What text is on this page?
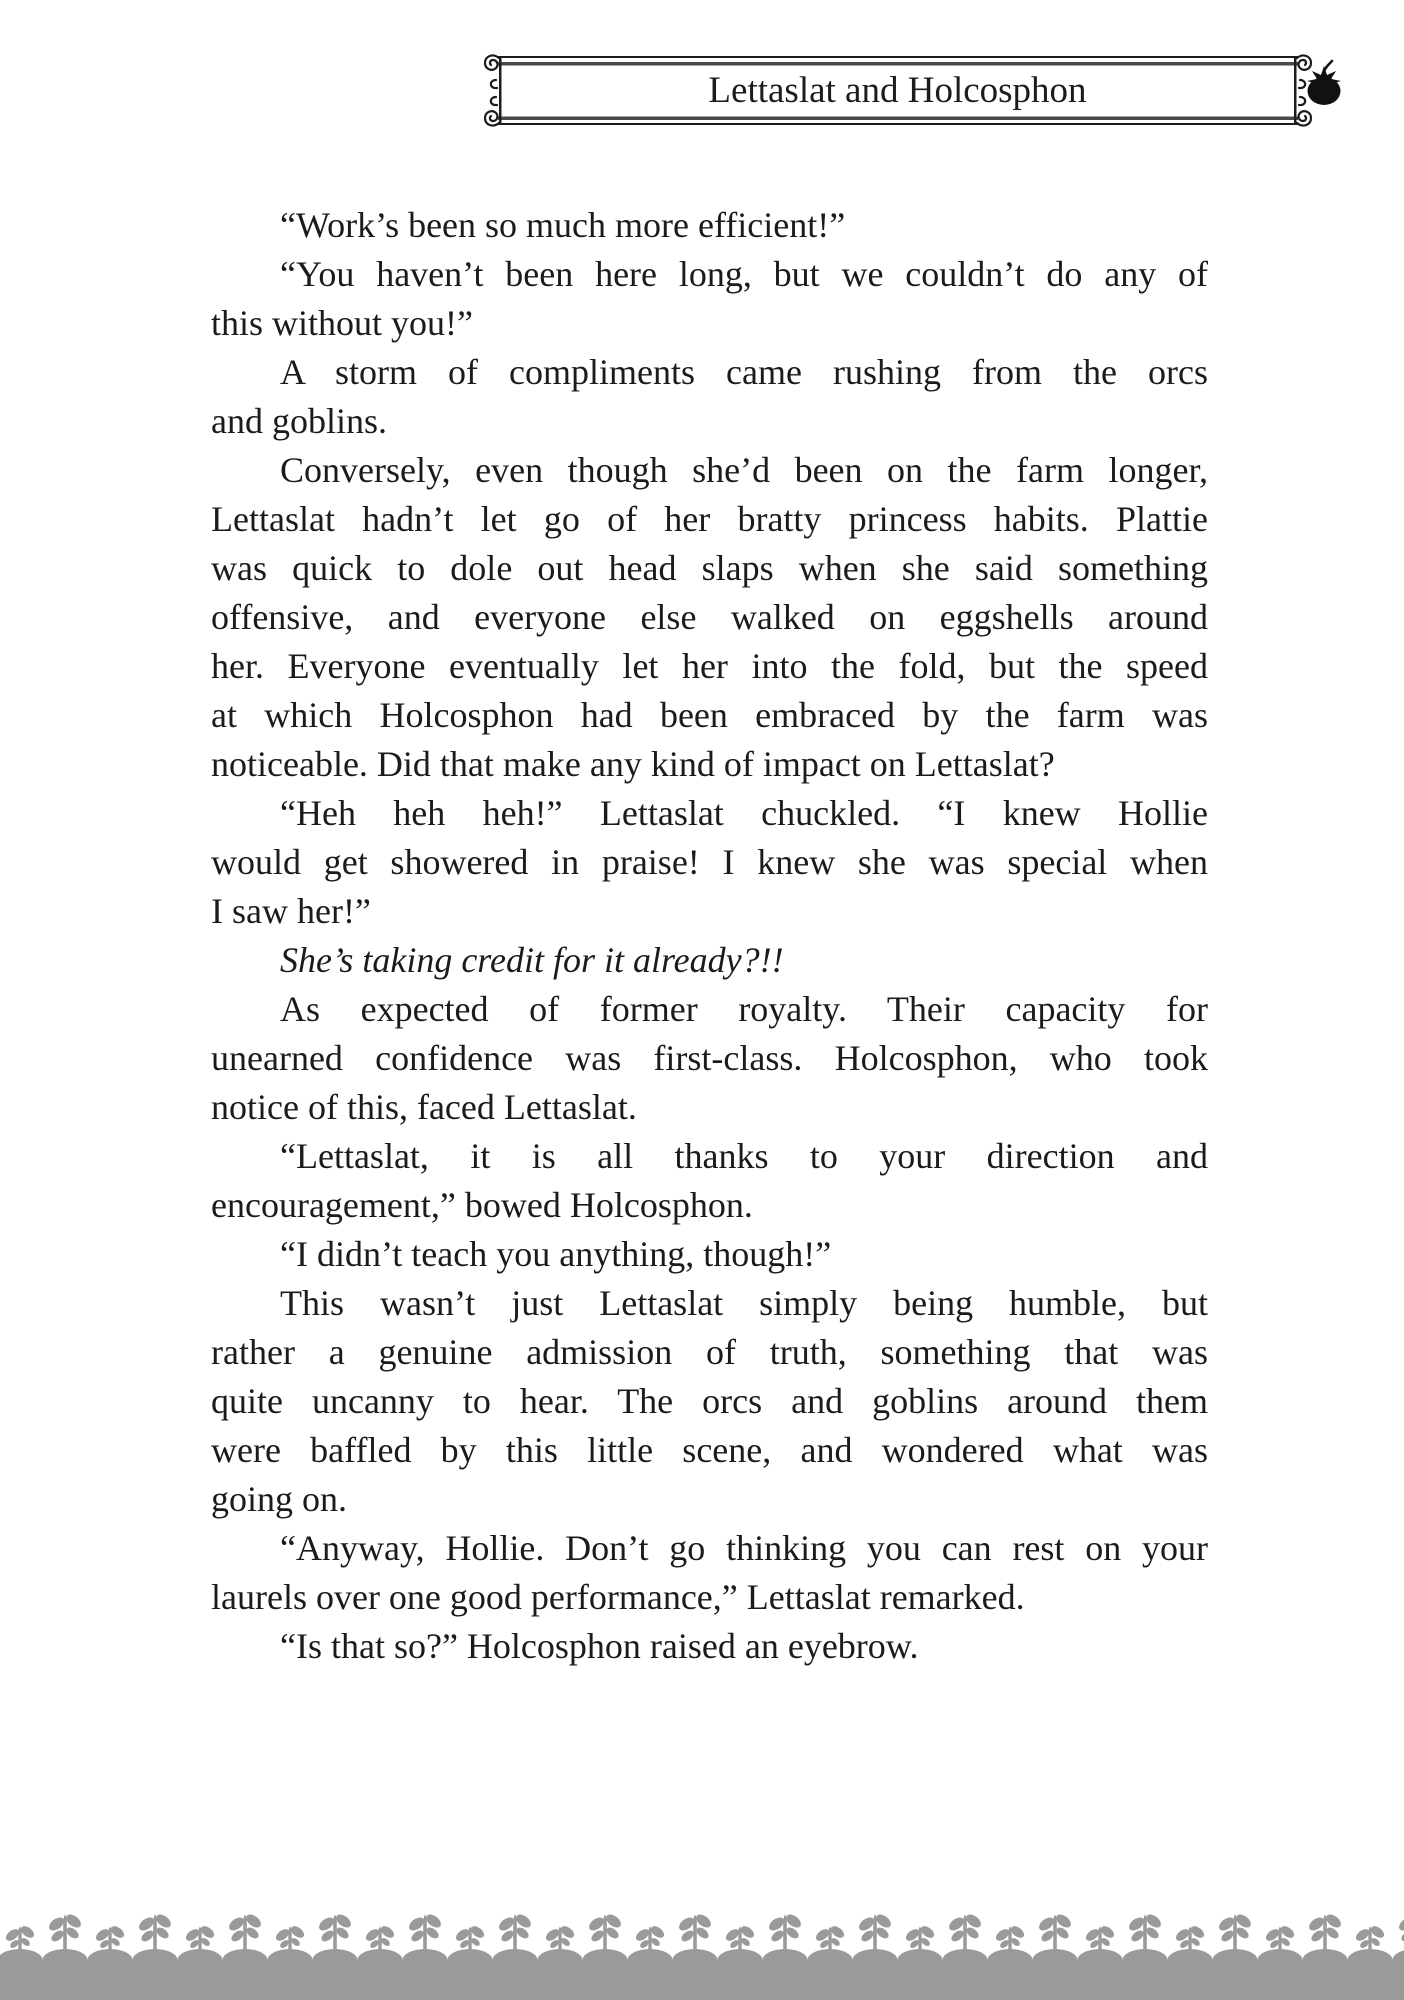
Lettaslat and Holcosphon
“Work’s been so much more efficient!”
“You haven’t been here long, but we couldn’t do any of
this without you!”
A storm of compliments came rushing from the orcs
and goblins.
Conversely, even though she’d been on the farm longer,
Lettaslat hadn’t let go of her bratty princess habits. Plattie
was quick to dole out head slaps when she said something
offensive, and everyone else walked on eggshells around
her. Everyone eventually let her into the fold, but the speed
at which Holcosphon had been embraced by the farm was
noticeable. Did that make any kind of impact on Lettaslat?
“Heh heh heh!” Lettaslat chuckled. “I knew Hollie
would get showered in praise! I knew she was special when
I saw her!”
She’s taking credit for it already?!!
As expected of former royalty. Their capacity for
unearned confidence was first-class. Holcosphon, who took
notice of this, faced Lettaslat.
“Lettaslat, it is all thanks to your direction and
encouragement,” bowed Holcosphon.
“I didn’t teach you anything, though!”
This wasn’t just Lettaslat simply being humble, but
rather a genuine admission of truth, something that was
quite uncanny to hear. The orcs and goblins around them
were baffled by this little scene, and wondered what was
going on.
“Anyway, Hollie. Don’t go thinking you can rest on your
laurels over one good performance,” Lettaslat remarked.
“Is that so?” Holcosphon raised an eyebrow.
